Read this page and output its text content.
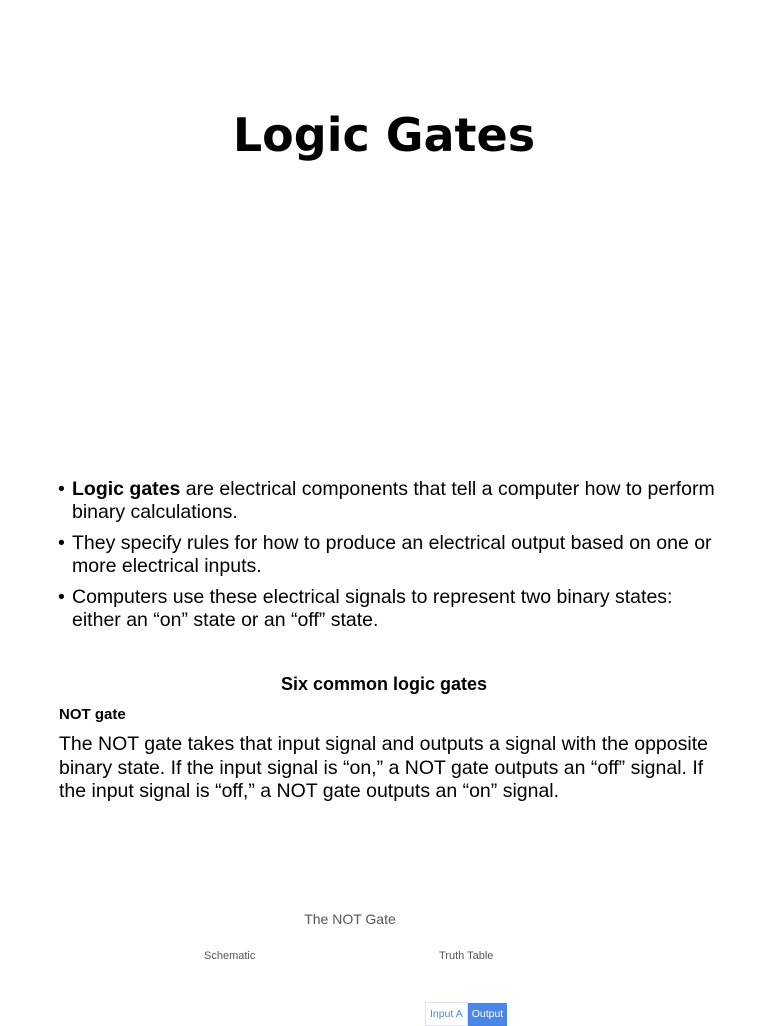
Logic Gates
• Logic gates are electrical components that tell a computer how to perform binary calculations.
• They specify rules for how to produce an electrical output based on one or more electrical inputs.
• Computers use these electrical signals to represent two binary states: either an “on” state or an “off” state.

Six common logic gates

NOT gate

The NOT gate takes that input signal and outputs a signal with the opposite binary state. If the input signal is “on,” a NOT gate outputs an “off” signal. If the input signal is “off,” a NOT gate outputs an “on” signal.

The NOT Gate

Schematic	Truth Table
Input A	Output
